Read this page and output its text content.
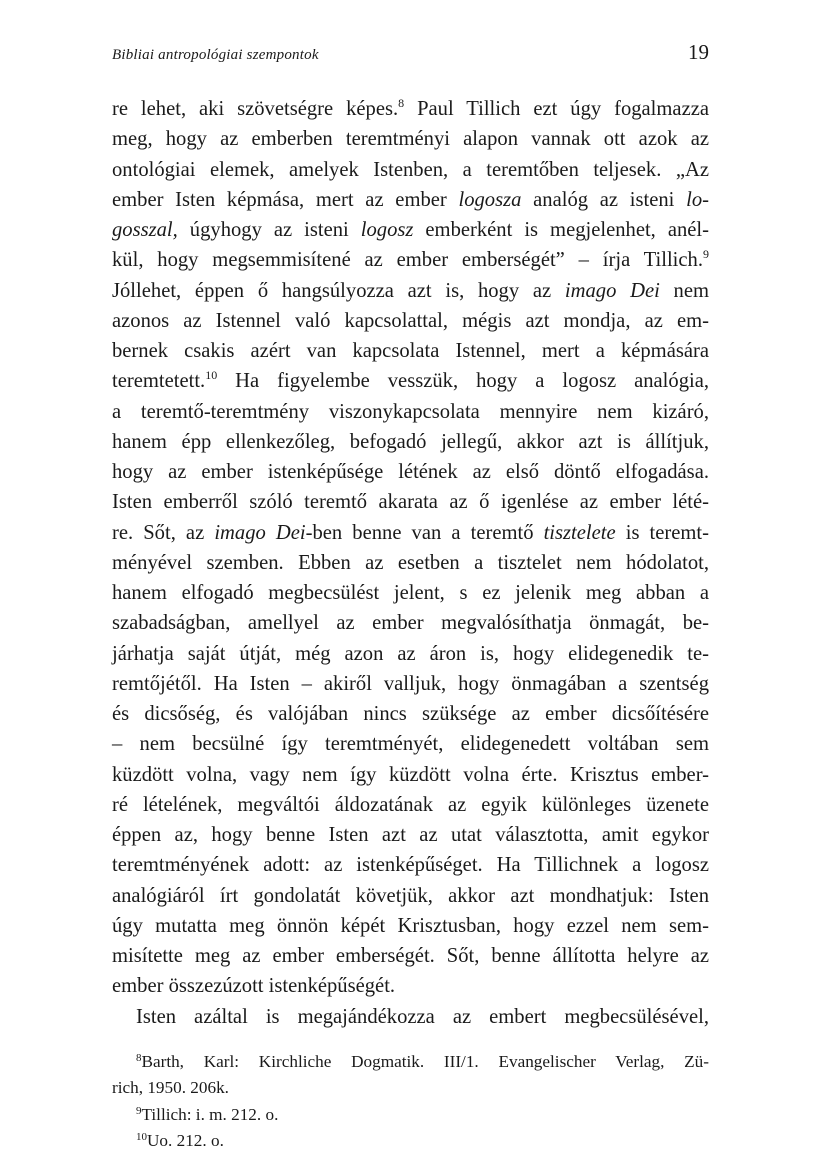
Bibliai antropológiai szempontok	19

re lehet, aki szövetségre képes.$^8$ Paul Tillich ezt úgy fogalmazza
meg, hogy az emberben teremtményi alapon vannak ott azok az
ontológiai elemek, amelyek Istenben, a teremtőben teljesek. „Az
ember Isten képmása, mert az ember logosza analóg az isteni lo-
gosszal, úgyhogy az isteni logosz emberként is megjelenhet, anél-
kül, hogy megsemmisítené az ember emberségét” – írja Tillich.$^9$
Jóllehet, éppen ő hangsúlyozza azt is, hogy az imago Dei nem
azonos az Istennel való kapcsolattal, mégis azt mondja, az em-
bernek csakis azért van kapcsolata Istennel, mert a képmására
teremtetett.$^{10}$ Ha figyelembe vesszük, hogy a logosz analógia,
a teremtő-teremtmény viszonykapcsolata mennyire nem kizáró,
hanem épp ellenkezőleg, befogadó jellegű, akkor azt is állítjuk,
hogy az ember istenképűsége létének az első döntő elfogadása.
Isten emberről szóló teremtő akarata az ő igenlése az ember lété-
re. Sőt, az imago Dei-ben benne van a teremtő tisztelete is teremt-
ményével szemben. Ebben az esetben a tisztelet nem hódolatot,
hanem elfogadó megbecsülést jelent, s ez jelenik meg abban a
szabadságban, amellyel az ember megvalósíthatja önmagát, be-
járhatja saját útját, még azon az áron is, hogy elidegenedik te-
remtőjétől. Ha Isten – akiről valljuk, hogy önmagában a szentség
és dicsőség, és valójában nincs szüksége az ember dicsőítésére
– nem becsülné így teremtményét, elidegenedett voltában sem
küzdött volna, vagy nem így küzdött volna érte. Krisztus ember-
ré lételének, megváltói áldozatának az egyik különleges üzenete
éppen az, hogy benne Isten azt az utat választotta, amit egykor
teremtményének adott: az istenképűséget. Ha Tillichnek a logosz
analógiáról írt gondolatát követjük, akkor azt mondhatjuk: Isten
úgy mutatta meg önnön képét Krisztusban, hogy ezzel nem sem-
misítette meg az ember emberségét. Sőt, benne állította helyre az
ember összezúzott istenképűségét.

Isten azáltal is megajándékozza az embert megbecsülésével,

$^8$Barth, Karl: Kirchliche Dogmatik. III/1. Evangelischer Verlag, Zü-
rich, 1950. 206k.
$^9$Tillich: i. m. 212. o.
$^{10}$Uo. 212. o.
